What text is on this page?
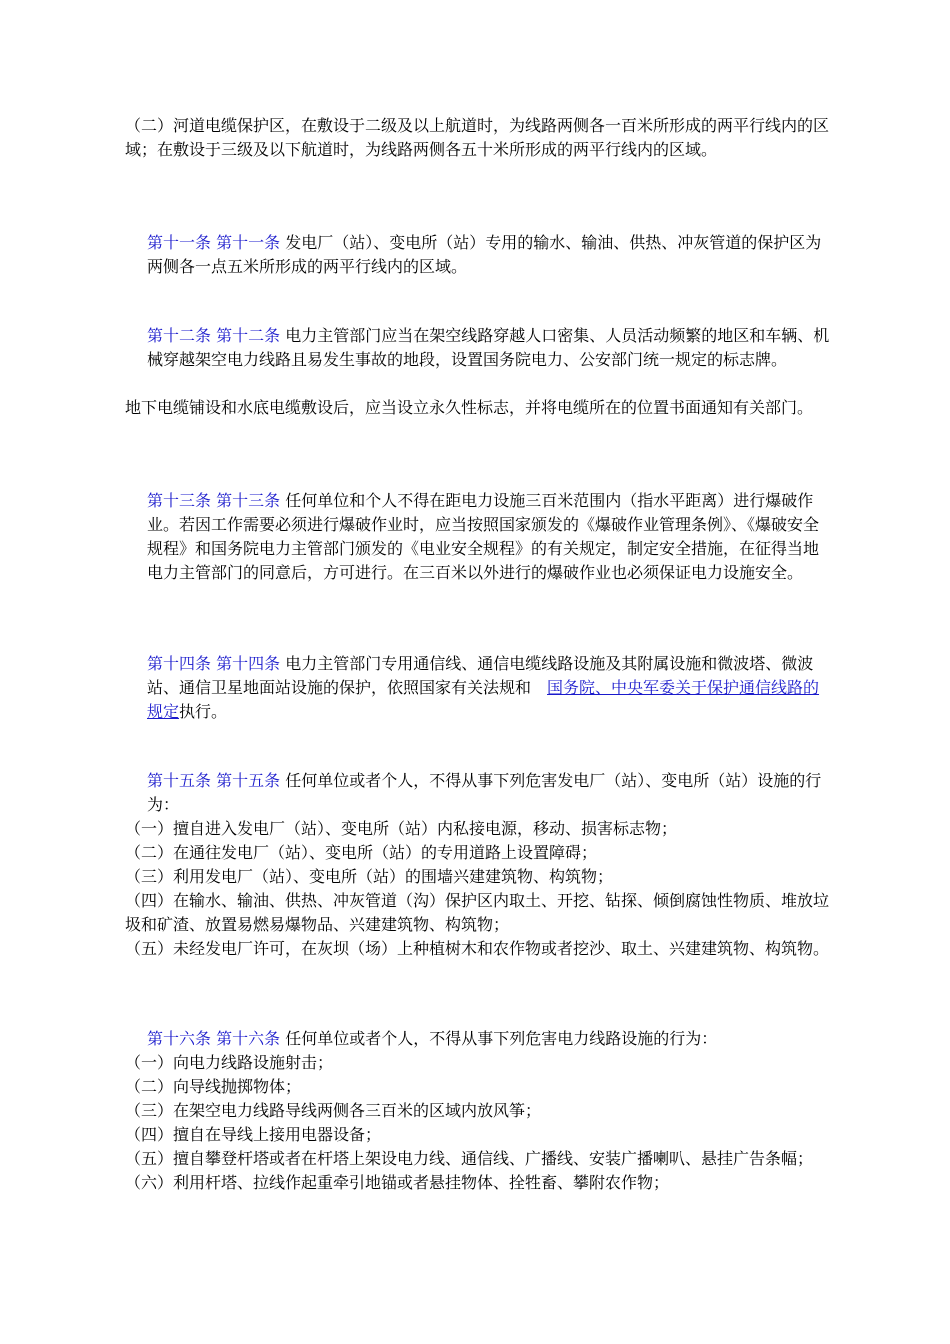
（二）河道电缆保护区，在敷设于二级及以上航道时，为线路两侧各一百米所形成的两平行线内的区域；在敷设于三级及以下航道时，为线路两侧各五十米所形成的两平行线内的区域。

第十一条 第十一条 发电厂（站）、变电所（站）专用的输水、输油、供热、冲灰管道的保护区为两侧各一点五米所形成的两平行线内的区域。

第十二条 第十二条 电力主管部门应当在架空线路穿越人口密集、人员活动频繁的地区和车辆、机械穿越架空电力线路且易发生事故的地段，设置国务院电力、公安部门统一规定的标志牌。

地下电缆铺设和水底电缆敷设后，应当设立永久性标志，并将电缆所在的位置书面通知有关部门。

第十三条 第十三条 任何单位和个人不得在距电力设施三百米范围内（指水平距离）进行爆破作业。若因工作需要必须进行爆破作业时，应当按照国家颁发的《爆破作业管理条例》、《爆破安全规程》和国务院电力主管部门颁发的《电业安全规程》的有关规定，制定安全措施，在征得当地电力主管部门的同意后，方可进行。在三百米以外进行的爆破作业也必须保证电力设施安全。

第十四条 第十四条 电力主管部门专用通信线、通信电缆线路设施及其附属设施和微波塔、微波站、通信卫星地面站设施的保护，依照国家有关法规和  国务院、中央军委关于保护通信线路的规定执行。

第十五条 第十五条 任何单位或者个人，不得从事下列危害发电厂（站）、变电所（站）设施的行为：

（一）擅自进入发电厂（站）、变电所（站）内私接电源，移动、损害标志物；
（二）在通往发电厂（站）、变电所（站）的专用道路上设置障碍；
（三）利用发电厂（站）、变电所（站）的围墙兴建建筑物、构筑物；
（四）在输水、输油、供热、冲灰管道（沟）保护区内取土、开挖、钻探、倾倒腐蚀性物质、堆放垃圾和矿渣、放置易燃易爆物品、兴建建筑物、构筑物；
（五）未经发电厂许可，在灰坝（场）上种植树木和农作物或者挖沙、取土、兴建建筑物、构筑物。

第十六条 第十六条 任何单位或者个人，不得从事下列危害电力线路设施的行为：

（一）向电力线路设施射击；
（二）向导线抛掷物体；
（三）在架空电力线路导线两侧各三百米的区域内放风筝；
（四）擅自在导线上接用电器设备；
（五）擅自攀登杆塔或者在杆塔上架设电力线、通信线、广播线、安装广播喇叭、悬挂广告条幅；
（六）利用杆塔、拉线作起重牵引地锚或者悬挂物体、拴牲畜、攀附农作物；
